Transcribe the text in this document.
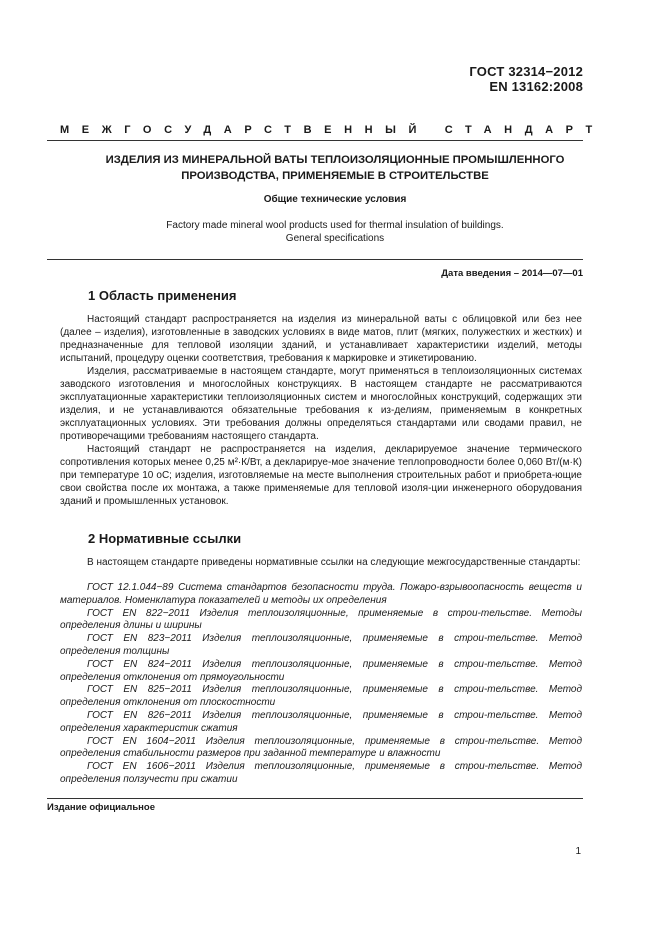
ГОСТ 32314−2012
EN 13162:2008
МЕЖГОСУДАРСТВЕННЫЙ СТАНДАРТ
ИЗДЕЛИЯ ИЗ МИНЕРАЛЬНОЙ ВАТЫ ТЕПЛОИЗОЛЯЦИОННЫЕ ПРОМЫШЛЕННОГО
ПРОИЗВОДСТВА, ПРИМЕНЯЕМЫЕ В СТРОИТЕЛЬСТВЕ
Общие технические условия
Factory made mineral wool products used for thermal insulation of buildings.
General specifications
Дата введения – 2014—07—01
1 Область применения

Настоящий стандарт распространяется на изделия из минеральной ваты с облицовкой или без нее (далее – изделия), изготовленные в заводских условиях в виде матов, плит (мягких, полужестких и жестких) и предназначенные для тепловой изоляции зданий, и устанавливает характеристики изделий, методы испытаний, процедуру оценки соответствия, требования к маркировке и этикетированию.

Изделия, рассматриваемые в настоящем стандарте, могут применяться в теплоизоляционных системах заводского изготовления и многослойных конструкциях. В настоящем стандарте не рассматриваются эксплуатационные характеристики теплоизоляционных систем и многослойных конструкций, содержащих эти изделия, и не устанавливаются обязательные требования к из-делиям, применяемым в конкретных эксплуатационных условиях. Эти требования должны определяться стандартами или сводами правил, не противоречащими требованиям настоящего стандарта.

Настоящий стандарт не распространяется на изделия, декларируемое значение термического сопротивления которых менее 0,25 м²·К/Вт, а декларируе-мое значение теплопроводности более 0,060 Вт/(м·К) при температуре 10 оС; изделия, изготовляемые на месте выполнения строительных работ и приобрета-ющие свои свойства после их монтажа, а также применяемые для тепловой изоля-ции инженерного оборудования зданий и промышленных установок.

2 Нормативные ссылки

В настоящем стандарте приведены нормативные ссылки на следующие межгосударственные стандарты:

ГОСТ 12.1.044−89 Система стандартов безопасности труда. Пожаро-взрывоопасность веществ и материалов. Номенклатура показателей и методы их определения

ГОСТ EN 822−2011 Изделия теплоизоляционные, применяемые в строи-тельстве. Методы определения длины и ширины

ГОСТ EN 823−2011 Изделия теплоизоляционные, применяемые в строи-тельстве. Метод определения толщины

ГОСТ EN 824−2011 Изделия теплоизоляционные, применяемые в строи-тельстве. Метод определения отклонения от прямоугольности

ГОСТ EN 825−2011 Изделия теплоизоляционные, применяемые в строи-тельстве. Метод определения отклонения от плоскостности

ГОСТ EN 826−2011 Изделия теплоизоляционные, применяемые в строи-тельстве. Метод определения характеристик сжатия

ГОСТ EN 1604−2011 Изделия теплоизоляционные, применяемые в строи-тельстве. Метод определения стабильности размеров при заданной температуре и влажности

ГОСТ EN 1606−2011 Изделия теплоизоляционные, применяемые в строи-тельстве. Метод определения ползучести при сжатии

Издание официальное
1
